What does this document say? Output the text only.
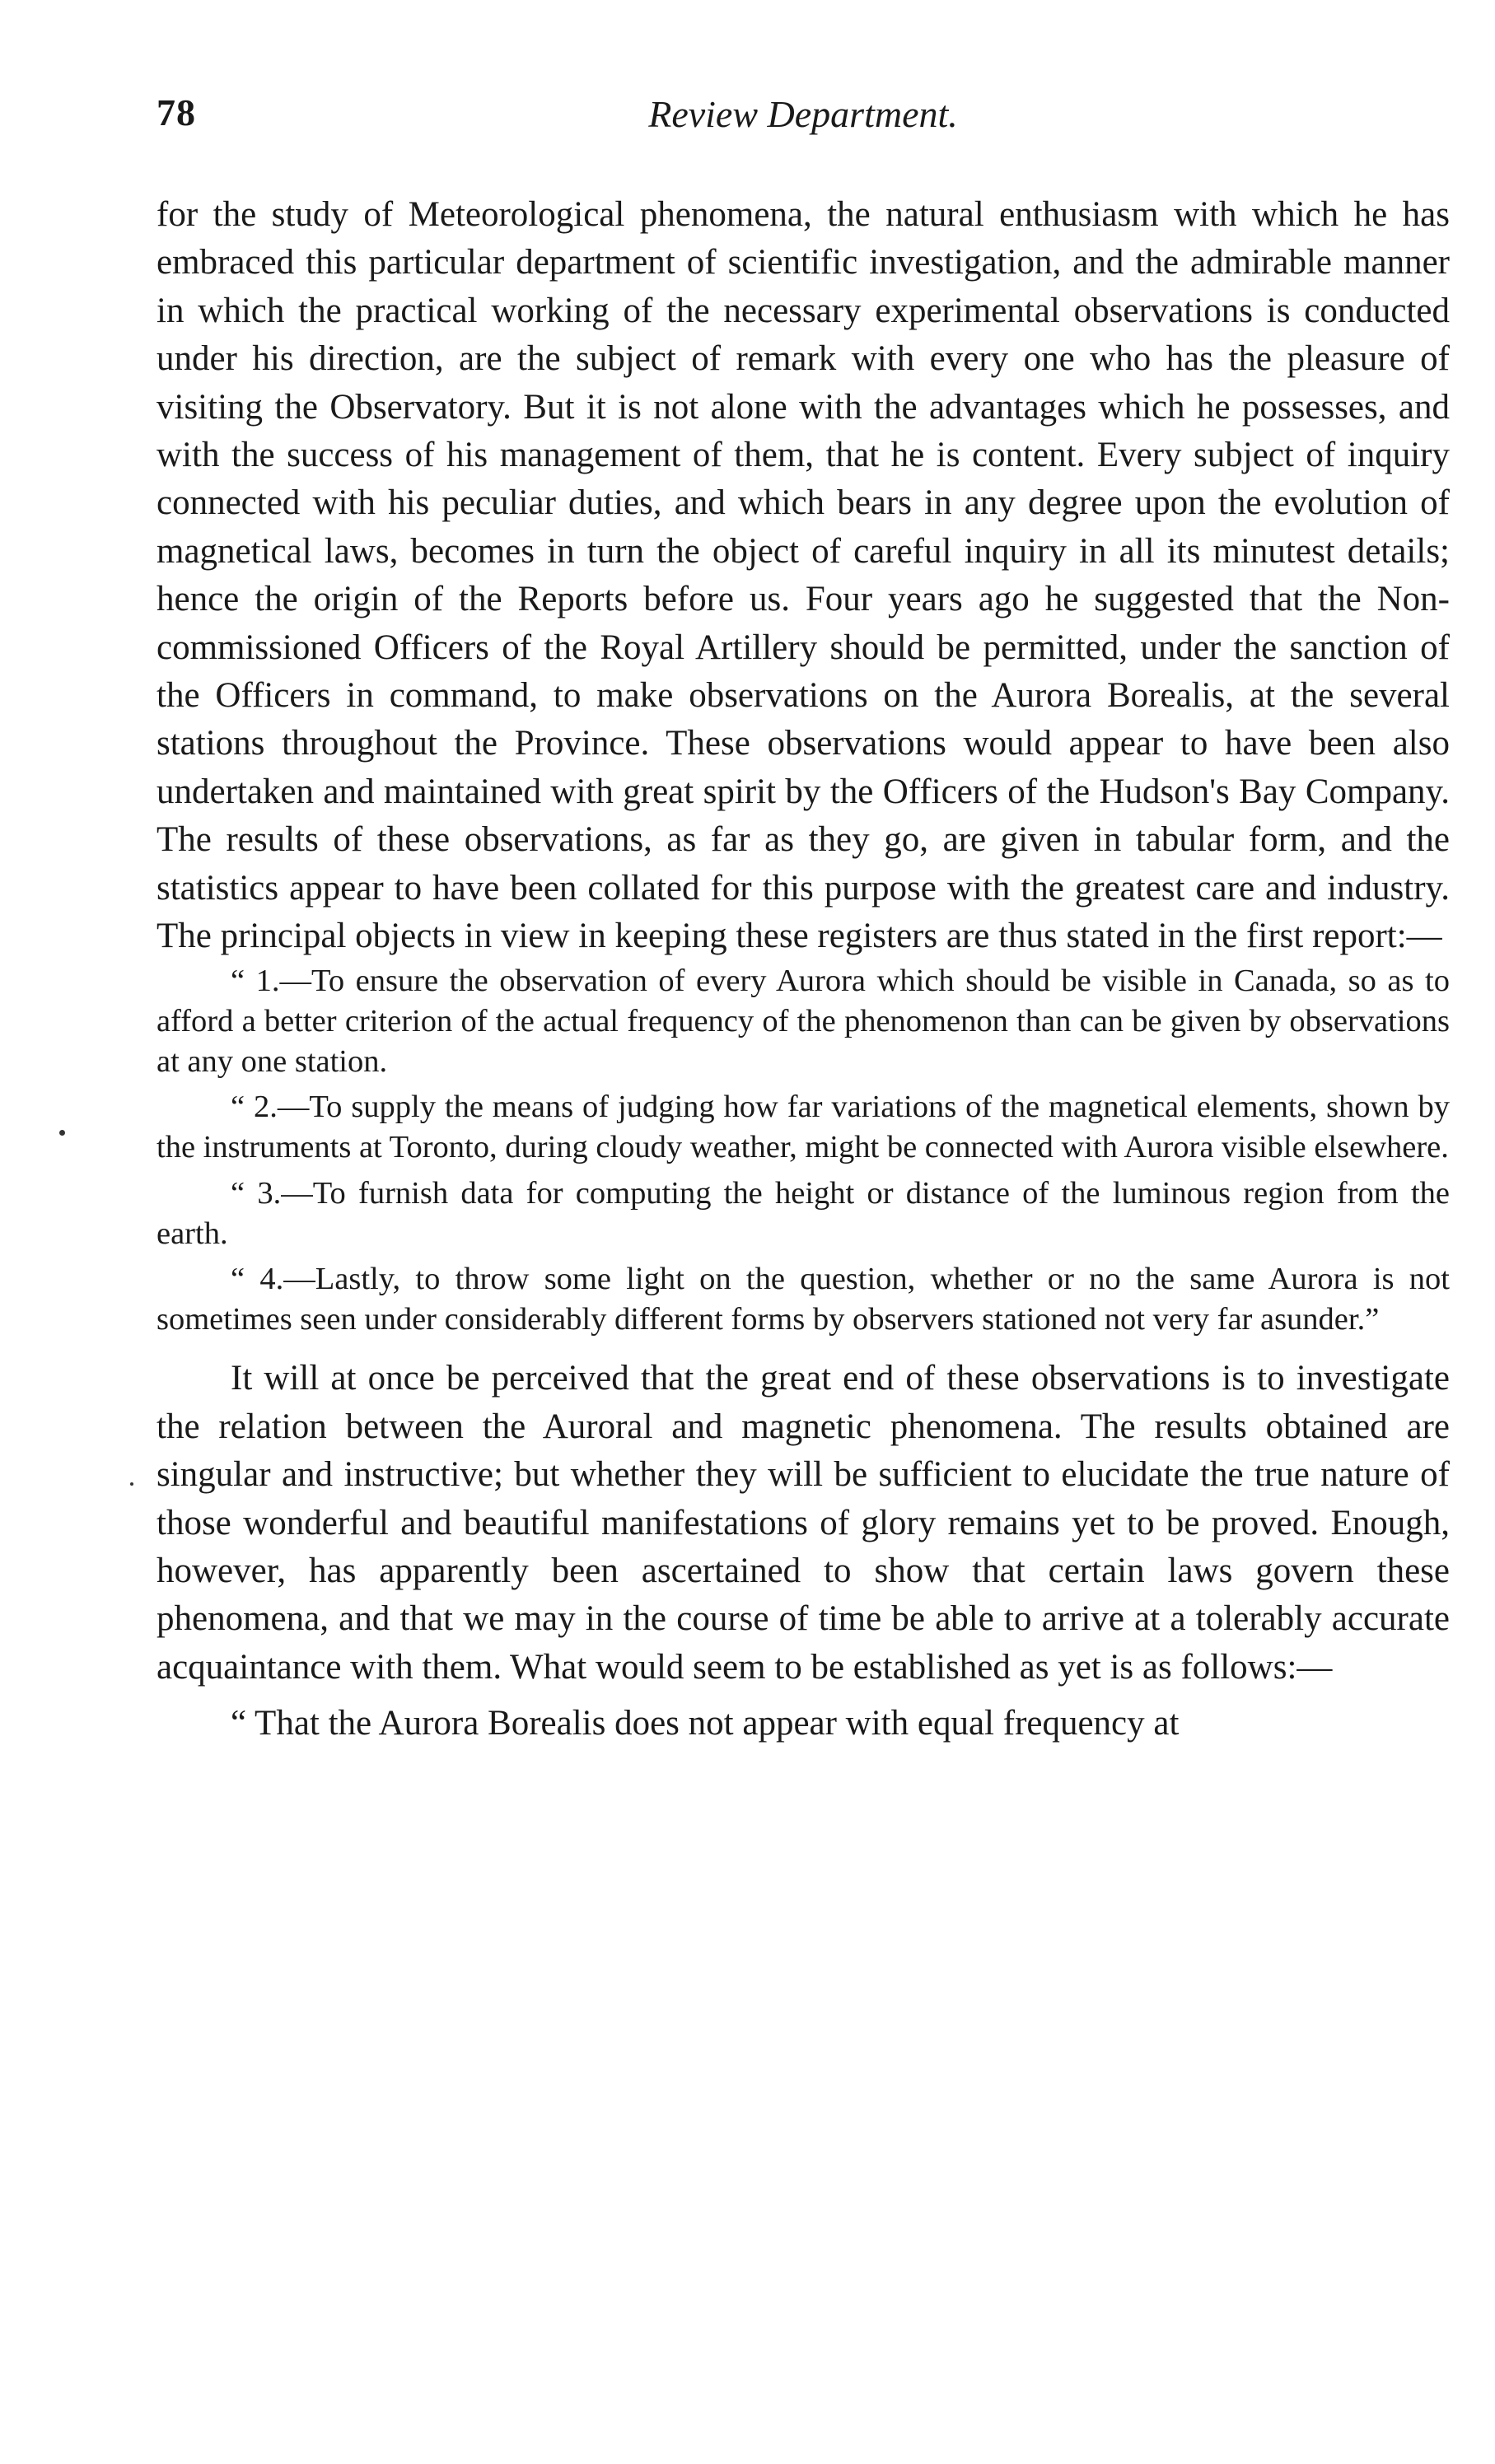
78	Review Department.

for the study of Meteorological phenomena, the natural enthusiasm with which he has embraced this particular department of scientific investigation, and the admirable manner in which the practical working of the necessary experimental observations is conducted under his direction, are the subject of remark with every one who has the pleasure of visiting the Observatory. But it is not alone with the advantages which he possesses, and with the success of his management of them, that he is content. Every subject of inquiry connected with his peculiar duties, and which bears in any degree upon the evolution of magnetical laws, becomes in turn the object of careful inquiry in all its minutest details; hence the origin of the Reports before us. Four years ago he suggested that the Non-commissioned Officers of the Royal Artillery should be permitted, under the sanction of the Officers in command, to make observations on the Aurora Borealis, at the several stations throughout the Province. These observations would appear to have been also undertaken and maintained with great spirit by the Officers of the Hudson's Bay Company. The results of these observations, as far as they go, are given in tabular form, and the statistics appear to have been collated for this purpose with the greatest care and industry. The principal objects in view in keeping these registers are thus stated in the first report:—

“ 1.—To ensure the observation of every Aurora which should be visible in Canada, so as to afford a better criterion of the actual frequency of the phenomenon than can be given by observations at any one station.

“ 2.—To supply the means of judging how far variations of the magnetical elements, shown by the instruments at Toronto, during cloudy weather, might be connected with Aurora visible elsewhere.

“ 3.—To furnish data for computing the height or distance of the luminous region from the earth.

“ 4.—Lastly, to throw some light on the question, whether or no the same Aurora is not sometimes seen under considerably different forms by observers stationed not very far asunder.”

It will at once be perceived that the great end of these observations is to investigate the relation between the Auroral and magnetic phenomena. The results obtained are singular and instructive; but whether they will be sufficient to elucidate the true nature of those wonderful and beautiful manifestations of glory remains yet to be proved. Enough, however, has apparently been ascertained to show that certain laws govern these phenomena, and that we may in the course of time be able to arrive at a tolerably accurate acquaintance with them. What would seem to be established as yet is as follows:—

“ That the Aurora Borealis does not appear with equal frequency at
